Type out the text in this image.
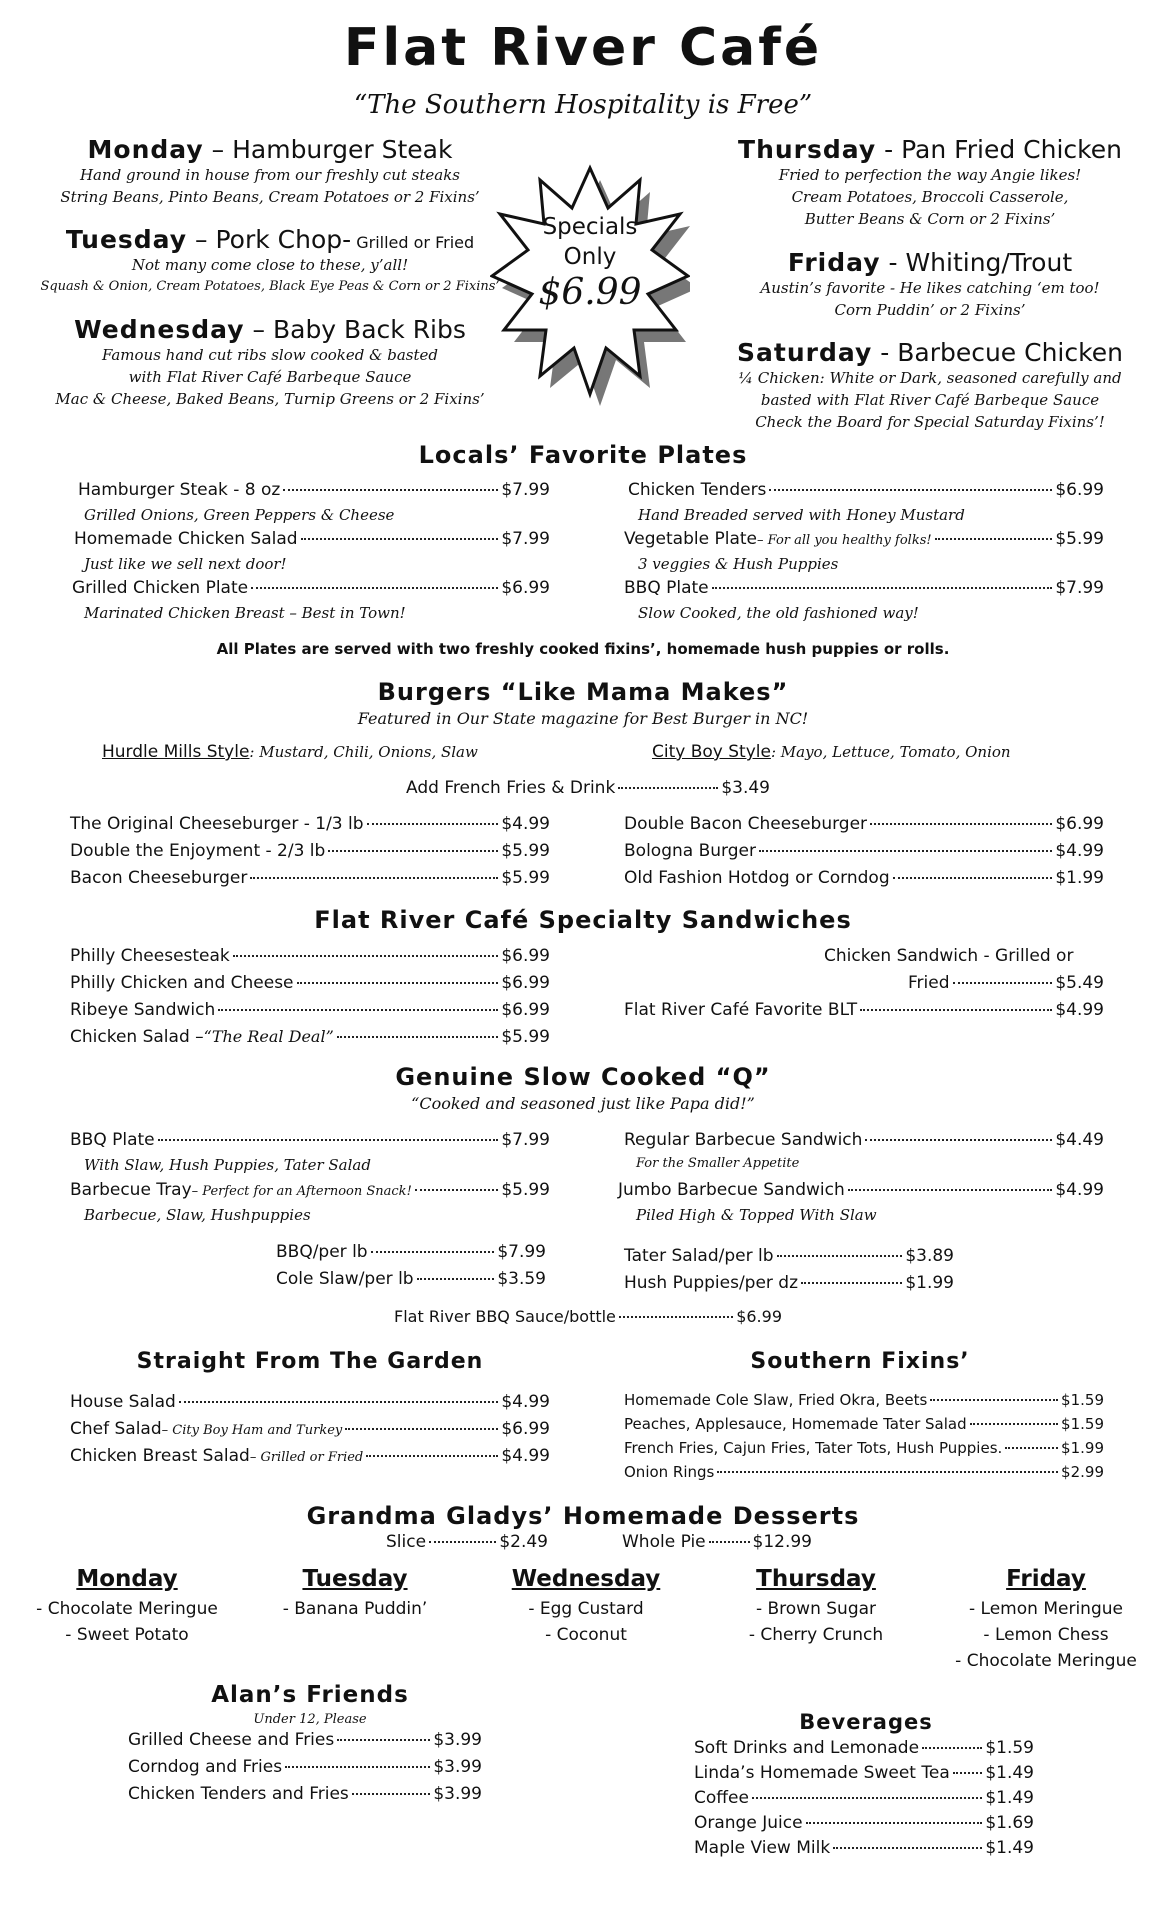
Flat River Café
“The Southern Hospitality is Free”
Specials
Only
$6.99
Monday – Hamburger Steak
Hand ground in house from our freshly cut steaks
String Beans, Pinto Beans, Cream Potatoes or 2 Fixins’
Tuesday – Pork Chop- Grilled or Fried
Not many come close to these, y’all!
Squash & Onion, Cream Potatoes, Black Eye Peas & Corn or 2 Fixins’
Wednesday – Baby Back Ribs
Famous hand cut ribs slow cooked & basted
with Flat River Café Barbeque Sauce
Mac & Cheese, Baked Beans, Turnip Greens or 2 Fixins’
Thursday - Pan Fried Chicken
Fried to perfection the way Angie likes!
Cream Potatoes, Broccoli Casserole,
Butter Beans & Corn or 2 Fixins’
Friday - Whiting/Trout
Austin’s favorite - He likes catching ‘em too!
Corn Puddin’ or 2 Fixins’
Saturday - Barbecue Chicken
¼ Chicken: White or Dark, seasoned carefully and
basted with Flat River Café Barbeque Sauce
Check the Board for Special Saturday Fixins’!
Locals’ Favorite Plates
Hamburger Steak - 8 oz	$7.99
Grilled Onions, Green Peppers & Cheese
Homemade Chicken Salad	$7.99
Just like we sell next door!
Grilled Chicken Plate	$6.99
Marinated Chicken Breast – Best in Town!
Chicken Tenders	$6.99
Hand Breaded served with Honey Mustard
Vegetable Plate – For all you healthy folks!	$5.99
3 veggies & Hush Puppies
BBQ Plate	$7.99
Slow Cooked, the old fashioned way!
All Plates are served with two freshly cooked fixins’, homemade hush puppies or rolls.
Burgers “Like Mama Makes”
Featured in Our State magazine for Best Burger in NC!
Hurdle Mills Style: Mustard, Chili, Onions, Slaw	City Boy Style: Mayo, Lettuce, Tomato, Onion
Add French Fries & Drink	$3.49
The Original Cheeseburger - 1/3 lb	$4.99
Double the Enjoyment - 2/3 lb	$5.99
Bacon Cheeseburger	$5.99
Double Bacon Cheeseburger	$6.99
Bologna Burger	$4.99
Old Fashion Hotdog or Corndog	$1.99
Flat River Café Specialty Sandwiches
Philly Cheesesteak	$6.99
Philly Chicken and Cheese	$6.99
Ribeye Sandwich	$6.99
Chicken Salad – “The Real Deal”	$5.99
Chicken Sandwich - Grilled or
Fried	$5.49
Flat River Café Favorite BLT	$4.99
Genuine Slow Cooked “Q”
“Cooked and seasoned just like Papa did!”
BBQ Plate	$7.99
With Slaw, Hush Puppies, Tater Salad
Barbecue Tray – Perfect for an Afternoon Snack!	$5.99
Barbecue, Slaw, Hushpuppies
Regular Barbecue Sandwich	$4.49
For the Smaller Appetite
Jumbo Barbecue Sandwich	$4.99
Piled High & Topped With Slaw
BBQ/per lb	$7.99
Cole Slaw/per lb	$3.59
Tater Salad/per lb	$3.89
Hush Puppies/per dz	$1.99
Flat River BBQ Sauce/bottle	$6.99
Straight From The Garden
House Salad	$4.99
Chef Salad – City Boy Ham and Turkey	$6.99
Chicken Breast Salad – Grilled or Fried	$4.99
Southern Fixins’
Homemade Cole Slaw, Fried Okra, Beets	$1.59
Peaches, Applesauce, Homemade Tater Salad	$1.59
French Fries, Cajun Fries, Tater Tots, Hush Puppies.	$1.99
Onion Rings	$2.99
Grandma Gladys’ Homemade Desserts
Slice	$2.49	Whole Pie	$12.99
Monday
- Chocolate Meringue
- Sweet Potato
Tuesday
- Banana Puddin’
Wednesday
- Egg Custard
- Coconut
Thursday
- Brown Sugar
- Cherry Crunch
Friday
- Lemon Meringue
- Lemon Chess
- Chocolate Meringue
Alan’s Friends
Under 12, Please
Grilled Cheese and Fries	$3.99
Corndog and Fries	$3.99
Chicken Tenders and Fries	$3.99
Beverages
Soft Drinks and Lemonade	$1.59
Linda’s Homemade Sweet Tea $1.49
Coffee	$1.49
Orange Juice	$1.69
Maple View Milk	$1.49
